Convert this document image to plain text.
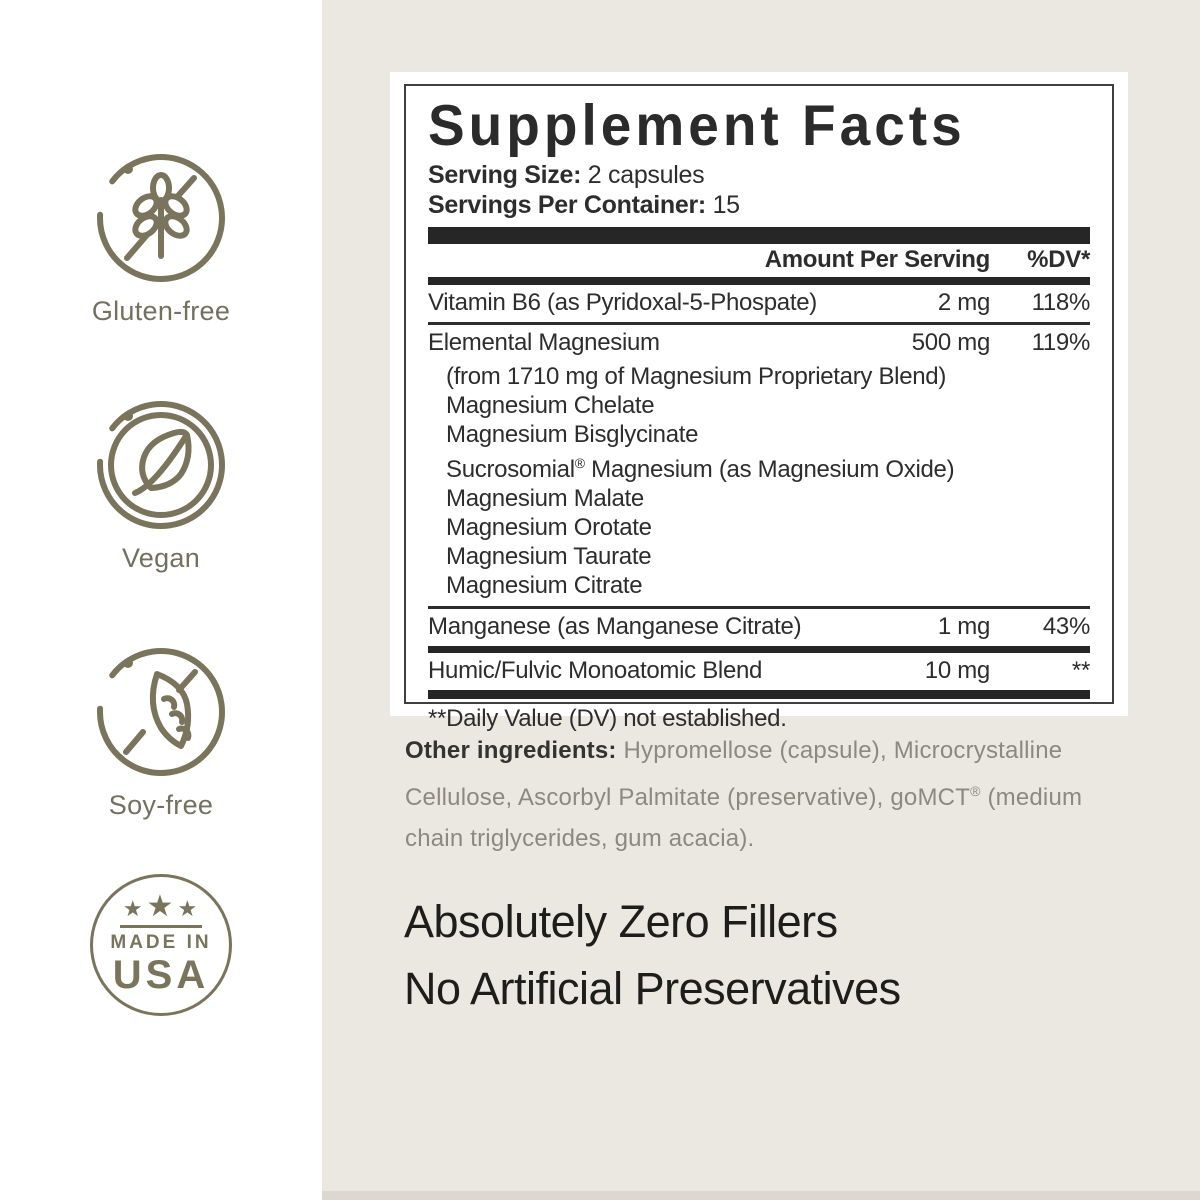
Gluten-free
Vegan
Soy-free
★ ★ ★
MADE IN
USA
Supplement Facts
Serving Size: 2 capsules
Servings Per Container: 15
Amount Per Serving	%DV*
Vitamin B6 (as Pyridoxal-5-Phospate)	2 mg	118%
Elemental Magnesium	500 mg	119%
(from 1710 mg of Magnesium Proprietary Blend)
Magnesium Chelate
Magnesium Bisglycinate
Sucrosomial® Magnesium (as Magnesium Oxide)
Magnesium Malate
Magnesium Orotate
Magnesium Taurate
Magnesium Citrate
Manganese (as Manganese Citrate)	1 mg	43%
Humic/Fulvic Monoatomic Blend	10 mg	**
**Daily Value (DV) not established.
Other ingredients: Hypromellose (capsule), Microcrystalline Cellulose, Ascorbyl Palmitate (preservative), goMCT® (medium chain triglycerides, gum acacia).
Absolutely Zero Fillers
No Artificial Preservatives
